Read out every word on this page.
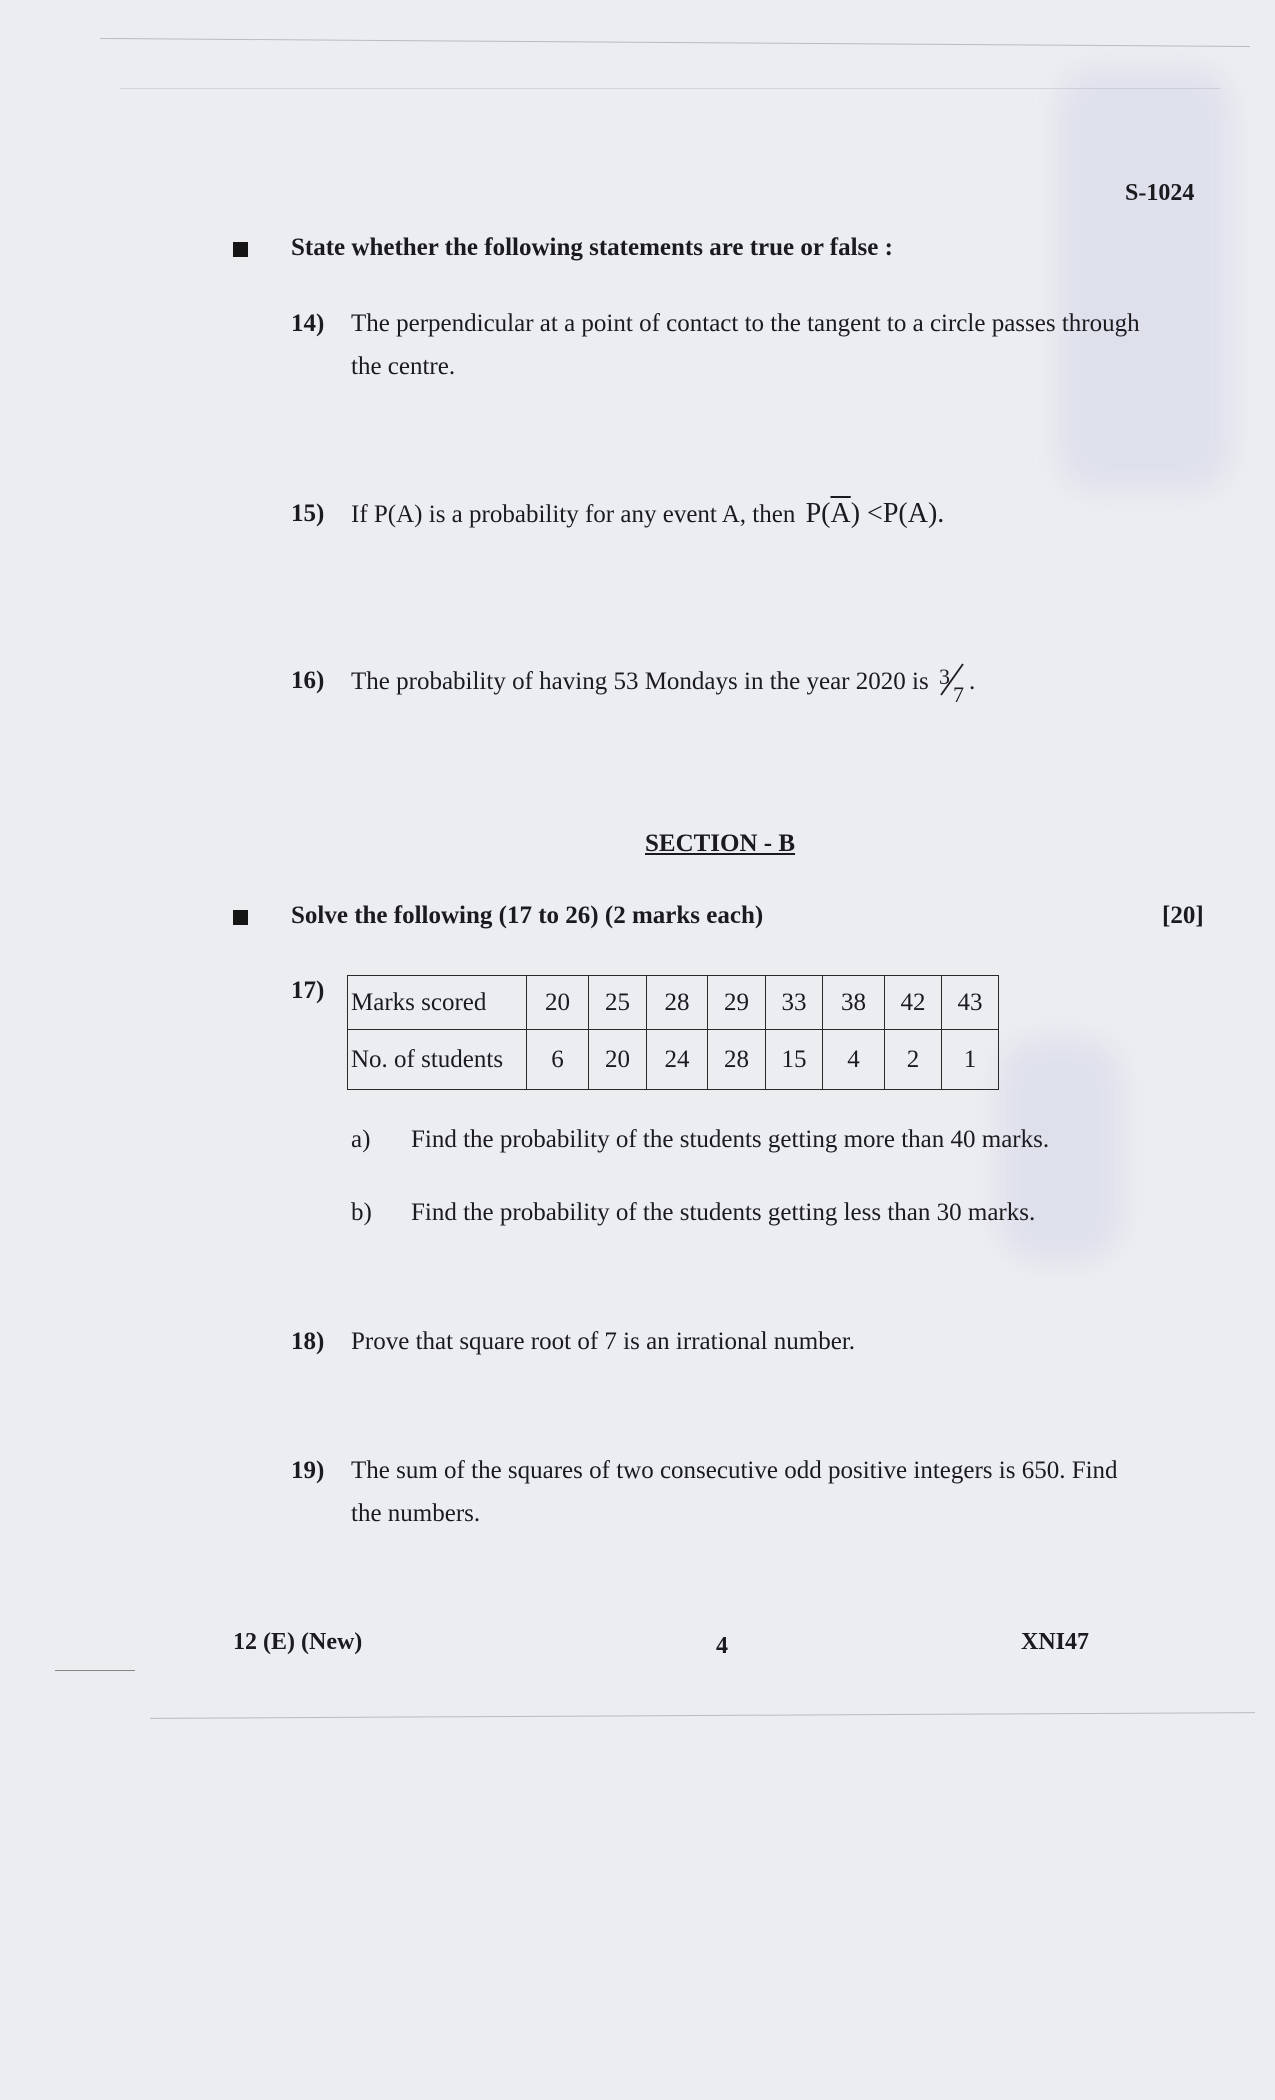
S-1024
State whether the following statements are true or false :
14) The perpendicular at a point of contact to the tangent to a circle passes through
the centre.
15) If P(A) is a probability for any event A, then $P(\overline{A}) <P(A)$.
16) The probability of having 53 Mondays in the year 2020 is 3
7 .
SECTION - B
Solve the following (17 to 26) (2 marks each)	[20]
17) Marks scored	20	25	28	29	33	38	42	43
No. of students	6	20	24	28	15	4	2	1
a) Find the probability of the students getting more than 40 marks.
b) Find the probability of the students getting less than 30 marks.
18) Prove that square root of 7 is an irrational number.
19) The sum of the squares of two consecutive odd positive integers is 650. Find
the numbers.
12 (E) (New)	4	XNI47
